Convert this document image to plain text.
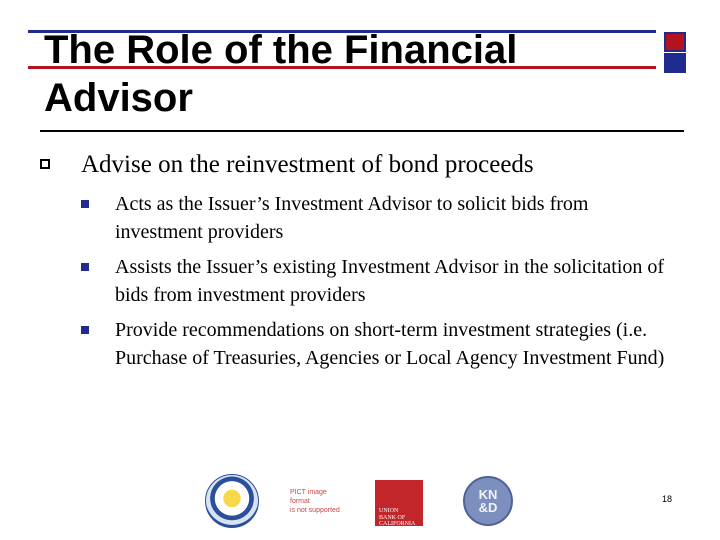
The Role of the Financial Advisor
Advise on the reinvestment of bond proceeds
Acts as the Issuer’s Investment Advisor to solicit bids from investment providers
Assists the Issuer’s existing Investment Advisor in the solicitation of bids from investment providers
Provide recommendations on short-term investment strategies (i.e. Purchase of Treasuries, Agencies or Local Agency Investment Fund)
PICT image format
is not supported	UNION
BANK OF
CALIFORNIA
KN
&D
18
